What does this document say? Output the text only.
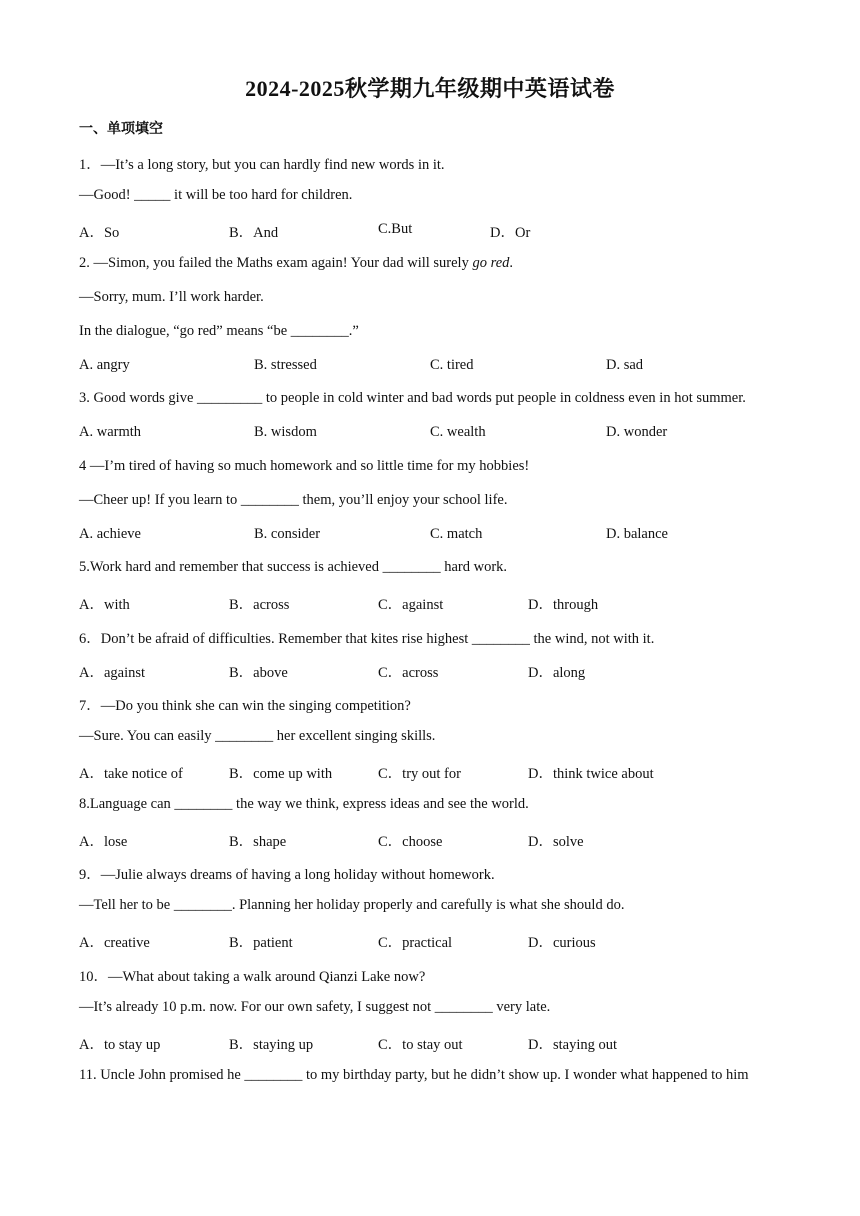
2024-2025秋学期九年级期中英语试卷
一、单项填空
1．—It’s a long story, but you can hardly find new words in it.
—Good! _____ it will be too hard for children.
A．So	B．And	C.But	D．Or
2. —Simon, you failed the Maths exam again! Your dad will surely go red.
—Sorry, mum. I’ll work harder.
In the dialogue, “go red” means “be ________.”
A. angry	B. stressed	C. tired	D. sad
3. Good words give _________ to people in cold winter and bad words put people in coldness even in hot summer.
A. warmth	B. wisdom	C. wealth	D. wonder
4 —I’m tired of having so much homework and so little time for my hobbies!
—Cheer up! If you learn to ________ them, you’ll enjoy your school life.
A. achieve	B. consider	C. match	D. balance
5.Work hard and remember that success is achieved ________ hard work.
A．with	B．across	C．against	D．through
6．Don’t be afraid of difficulties. Remember that kites rise highest ________ the wind, not with it.
A．against	B．above	C．across	D．along
7．—Do you think she can win the singing competition?
—Sure. You can easily ________ her excellent singing skills.
A．take notice of	B．come up with	C．try out for	D．think twice about
8.Language can ________ the way we think, express ideas and see the world.
A．lose	B．shape	C．choose	D．solve
9．—Julie always dreams of having a long holiday without homework.
—Tell her to be ________. Planning her holiday properly and carefully is what she should do.
A．creative	B．patient	C．practical	D．curious
10．—What about taking a walk around Qianzi Lake now?
—It’s already 10 p.m. now. For our own safety, I suggest not ________ very late.
A．to stay up	B．staying up	C．to stay out	D．staying out
11. Uncle John promised he ________ to my birthday party, but he didn’t show up. I wonder what happened to him
